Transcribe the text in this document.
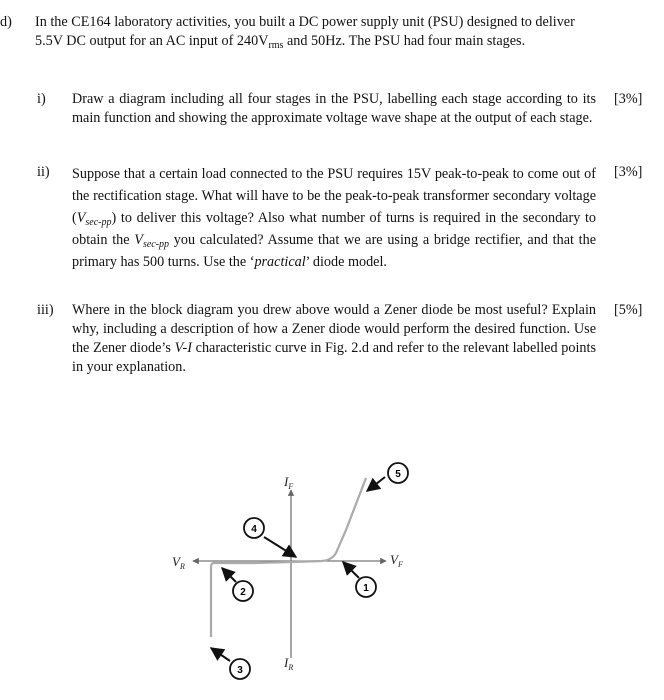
d) In the CE164 laboratory activities, you built a DC power supply unit (PSU) designed to deliver 5.5V DC output for an AC input of $240V_{rms}$ and 50Hz. The PSU had four main stages.
i) Draw a diagram including all four stages in the PSU, labelling each stage according to its main function and showing the approximate voltage wave shape at the output of each stage.
[3%]
ii) Suppose that a certain load connected to the PSU requires 15V peak-to-peak to come out of the rectification stage. What will have to be the peak-to-peak transformer secondary voltage $(V_{sec-pp})$ to deliver this voltage? Also what number of turns is required in the secondary to obtain the $V_{sec-pp}$ you calculated? Assume that we are using a bridge rectifier, and that the primary has 500 turns. Use the ‘practical’ diode model.
[3%]
iii) Where in the block diagram you drew above would a Zener diode be most useful? Explain why, including a description of how a Zener diode would perform the desired function. Use the Zener diode’s V-I characteristic curve in Fig. 2.d and refer to the relevant labelled points in your explanation.
[5%]
$I_F$
$V_F$
$V_R$
$I_R$
5
4
2	1
3
